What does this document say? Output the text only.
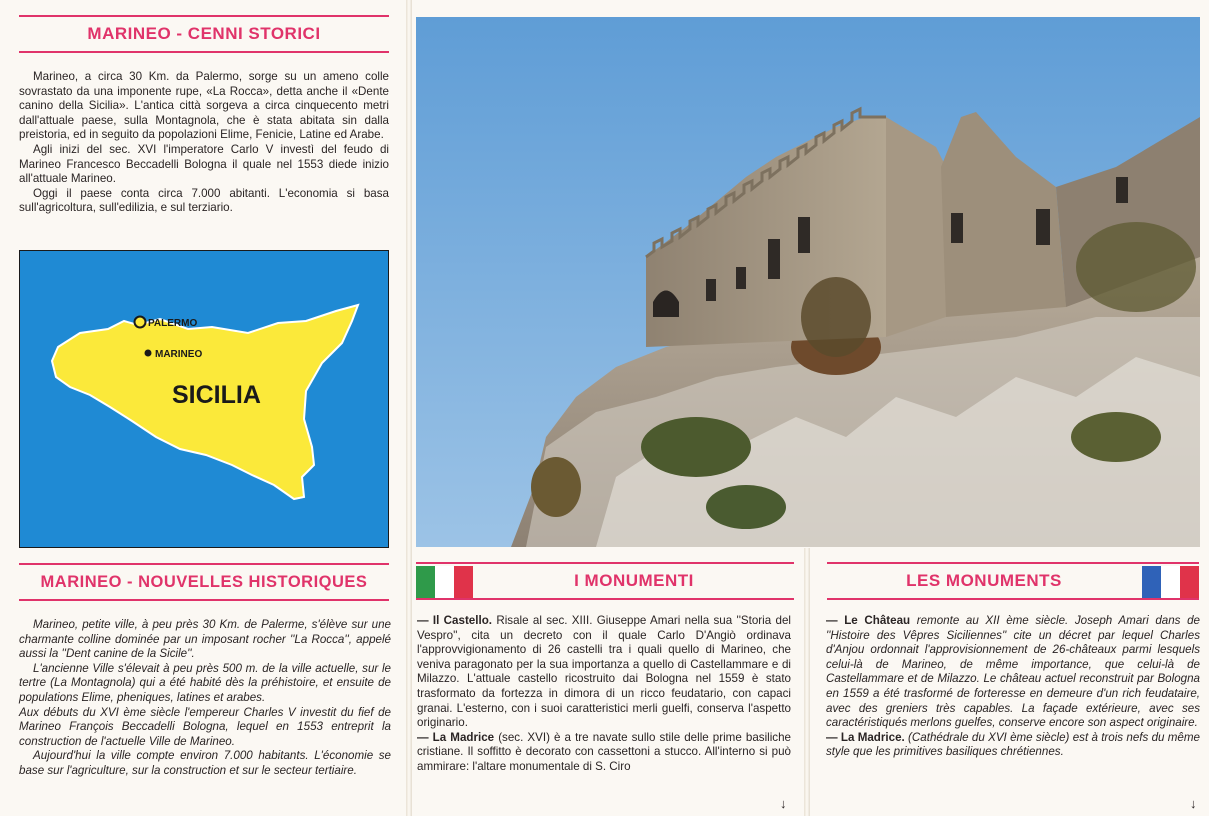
MARINEO - CENNI STORICI

Marineo, a circa 30 Km. da Palermo, sorge su un ameno colle sovrastato da una imponente rupe, «La Rocca», detta anche il «Dente canino della Sicilia». L'antica città sorgeva a circa cinquecento metri dall'attuale paese, sulla Montagnola, che è stata abitata sin dalla preistoria, ed in seguito da popolazioni Elime, Fenicie, Latine ed Arabe.

Agli inizi del sec. XVI l'imperatore Carlo V investì del feudo di Marineo Francesco Beccadelli Bologna il quale nel 1553 diede inizio all'attuale Marineo.

Oggi il paese conta circa 7.000 abitanti. L'economia si basa sull'agricoltura, sull'edilizia, e sul terziario.

PALERMO
MARINEO
SICILIA
MARINEO - NOUVELLES HISTORIQUES

Marineo, petite ville, à peu près 30 Km. de Palerme, s'élève sur une charmante colline dominée par un imposant rocher ''La Rocca'', appelé aussi la ''Dent canine de la Sicile''.

L'ancienne Ville s'élevait à peu près 500 m. de la ville actuelle, sur le tertre (La Montagnola) qui a été habité dès la préhistoire, et ensuite de populations Elime, pheniques, latines et arabes.

Aux débuts du XVI ème siècle l'empereur Charles V investit du fief de Marineo François Beccadelli Bologna, lequel en 1553 entreprit la construction de l'actuelle Ville de Marineo.

Aujourd'hui la ville compte environ 7.000 habitants. L'économie se base sur l'agriculture, sur la construction et sur le secteur tertiaire.

I MONUMENTI

— Il Castello. Risale al sec. XIII. Giuseppe Amari nella sua ''Storia del Vespro'', cita un decreto con il quale Carlo D'Angiò ordinava l'approvvigionamento di 26 castelli tra i quali quello di Marineo, che veniva paragonato per la sua importanza a quello di Castellammare e di Milazzo. L'attuale castello ricostruito dai Bologna nel 1559 è stato trasformato da fortezza in dimora di un ricco feudatario, con capaci granai. L'esterno, con i suoi caratteristici merli guelfi, conserva l'aspetto originario.

— La Madrice (sec. XVI) è a tre navate sullo stile delle prime basiliche cristiane. Il soffitto è decorato con cassettoni a stucco. All'interno si può ammirare: l'altare monumentale di S. Ciro

↓
LES MONUMENTS

— Le Château remonte au XII ème siècle. Joseph Amari dans de ''Histoire des Vêpres Siciliennes'' cite un décret par lequel Charles d'Anjou ordonnait l'approvisionnement de 26-châteaux parmi lesquels celui-là de Marineo, de même importance, que celui-là de Castellammare et de Milazzo. Le château actuel reconstruit par Bologna en 1559 a été trasformé de forteresse en demeure d'un rich feudataire, avec des greniers très capables. La façade extérieure, avec ses caractéristiqués merlons guelfes, conserve encore son aspect originaire.

— La Madrice. (Cathédrale du XVI ème siècle) est à trois nefs du même style que les primitives basiliques chrétiennes.

↓
